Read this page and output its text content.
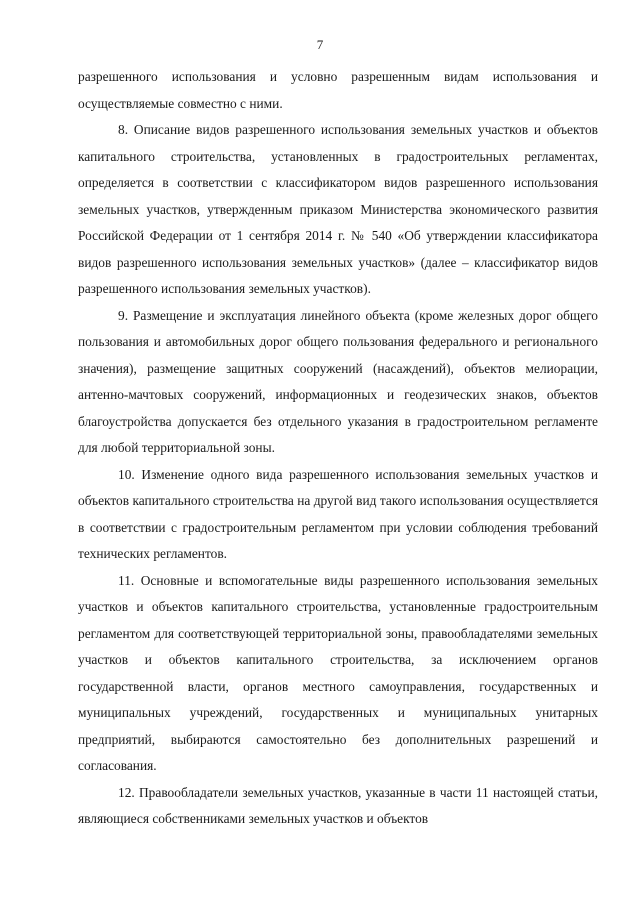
7

разрешенного использования и условно разрешенным видам использования и осуществляемые совместно с ними.

8. Описание видов разрешенного использования земельных участков и объектов капитального строительства, установленных в градостроительных регламентах, определяется в соответствии с классификатором видов разрешенного использования земельных участков, утвержденным приказом Министерства экономического развития Российской Федерации от 1 сентября 2014 г. № 540 «Об утверждении классификатора видов разрешенного использования земельных участков» (далее – классификатор видов разрешенного использования земельных участков).

9. Размещение и эксплуатация линейного объекта (кроме железных дорог общего пользования и автомобильных дорог общего пользования федерального и регионального значения), размещение защитных сооружений (насаждений), объектов мелиорации, антенно-мачтовых сооружений, информационных и геодезических знаков, объектов благоустройства допускается без отдельного указания в градостроительном регламенте для любой территориальной зоны.

10. Изменение одного вида разрешенного использования земельных участков и объектов капитального строительства на другой вид такого использования осуществляется в соответствии с градостроительным регламентом при условии соблюдения требований технических регламентов.

11. Основные и вспомогательные виды разрешенного использования земельных участков и объектов капитального строительства, установленные градостроительным регламентом для соответствующей территориальной зоны, правообладателями земельных участков и объектов капитального строительства, за исключением органов государственной власти, органов местного самоуправления, государственных и муниципальных учреждений, государственных и муниципальных унитарных предприятий, выбираются самостоятельно без дополнительных разрешений и согласования.

12. Правообладатели земельных участков, указанные в части 11 настоящей статьи, являющиеся собственниками земельных участков и объектов
